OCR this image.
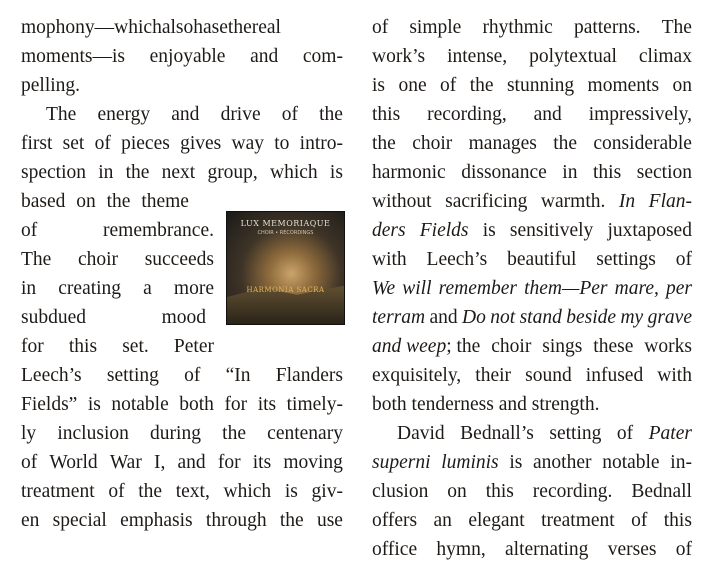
mophony—which also has ethereal
moments—is enjoyable and com-
pelling.
The energy and drive of the
first set of pieces gives way to intro-
spection in the next group, which is
based on the theme
of	remembrance.
The choir succeeds
in creating a more
subdued	mood
for this set. Peter
Leech’s setting of “In Flanders
Fields” is notable both for its timely-
ly inclusion during the centenary
of World War I, and for its moving
treatment of the text, which is giv-
en special emphasis through the use
LUX MEMORIAQUE
CHOIR • RECORDINGS
HARMONIA SACRA
of simple rhythmic patterns. The
work’s intense, polytextual climax
is one of the stunning moments on
this recording, and impressively,
the choir manages the considerable
harmonic dissonance in this section
without sacrificing warmth. In Flan-
ders Fields is sensitively juxtaposed
with Leech’s beautiful settings of
We will remember them—Per mare, per
terram and Do not stand beside my grave
and weep; the choir sings these works
exquisitely, their sound infused with
both tenderness and strength.
David Bednall’s setting of Pater
superni luminis is another notable in-
clusion on this recording. Bednall
offers an elegant treatment of this
office hymn, alternating verses of
